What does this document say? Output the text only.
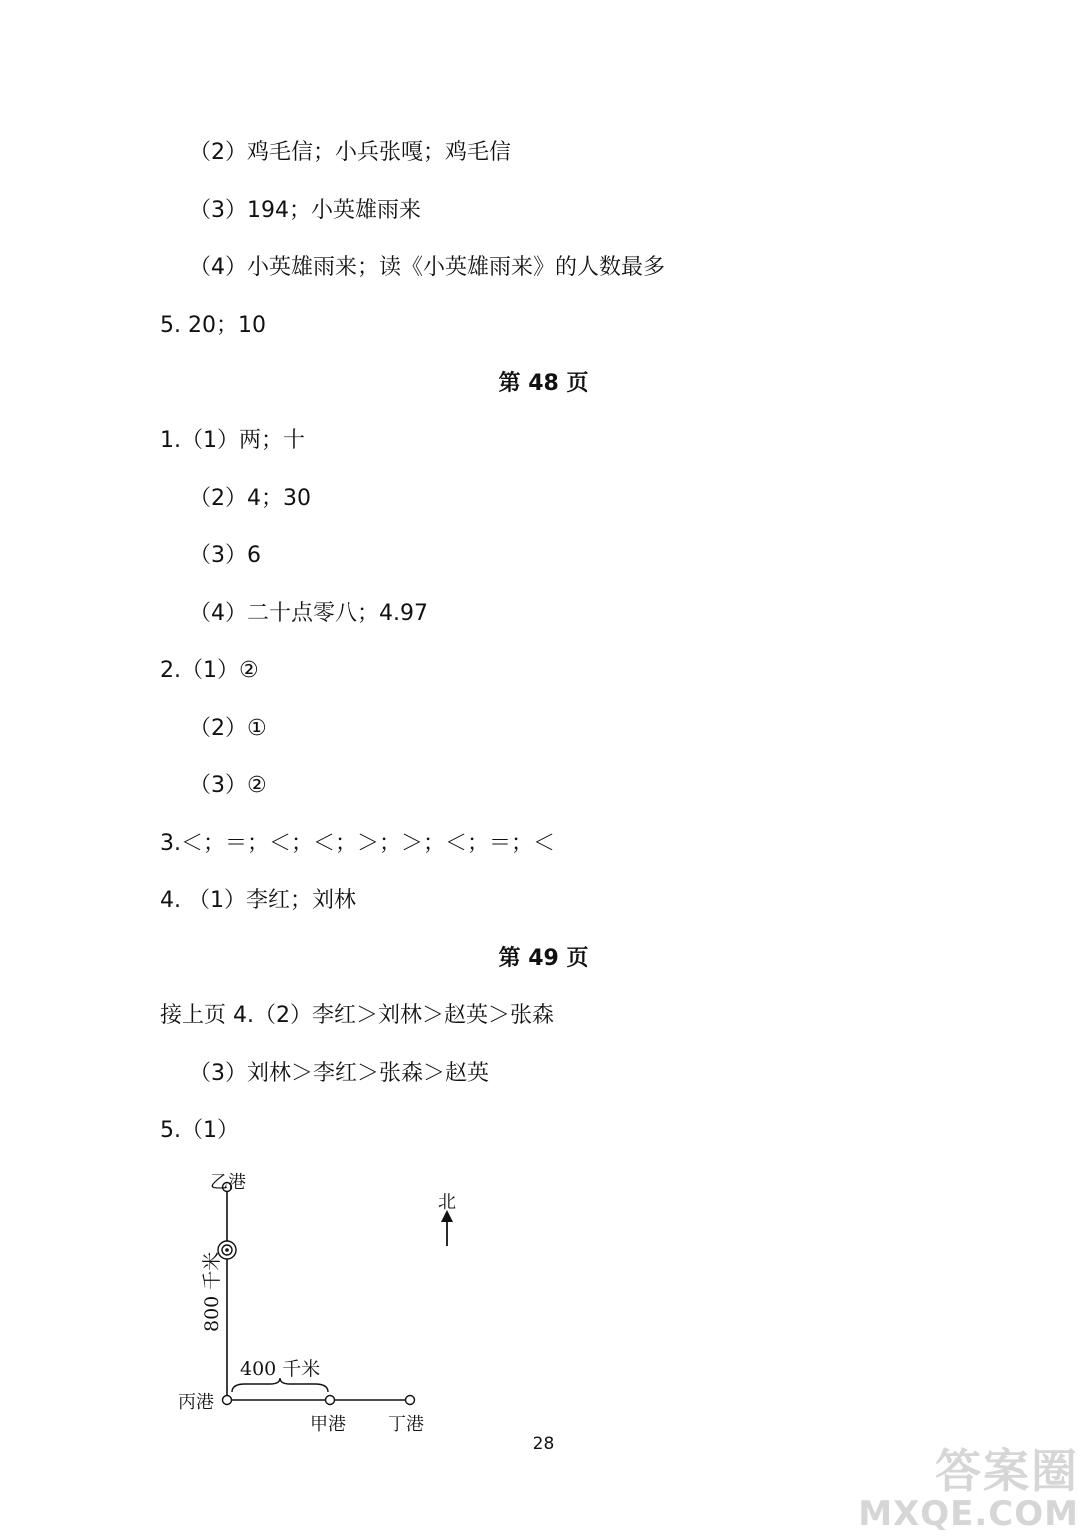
（2）鸡毛信；小兵张嘎；鸡毛信
（3）194；小英雄雨来
（4）小英雄雨来；读《小英雄雨来》的人数最多
5. 20；10
第 48 页
1.（1）两；十
（2）4；30
（3）6
（4）二十点零八；4.97
2.（1）②
（2）①
（3）②
3.＜；＝；＜；＜；＞；＞；＜；＝；＜
4. （1）李红；刘林
第 49 页
接上页 4.（2）李红＞刘林＞赵英＞张森
（3）刘林＞李红＞张森＞赵英
5.（1）
乙港
丙港
甲港 丁港
北
400 千米
800 千米
28	答案圈
MXQE.COM
